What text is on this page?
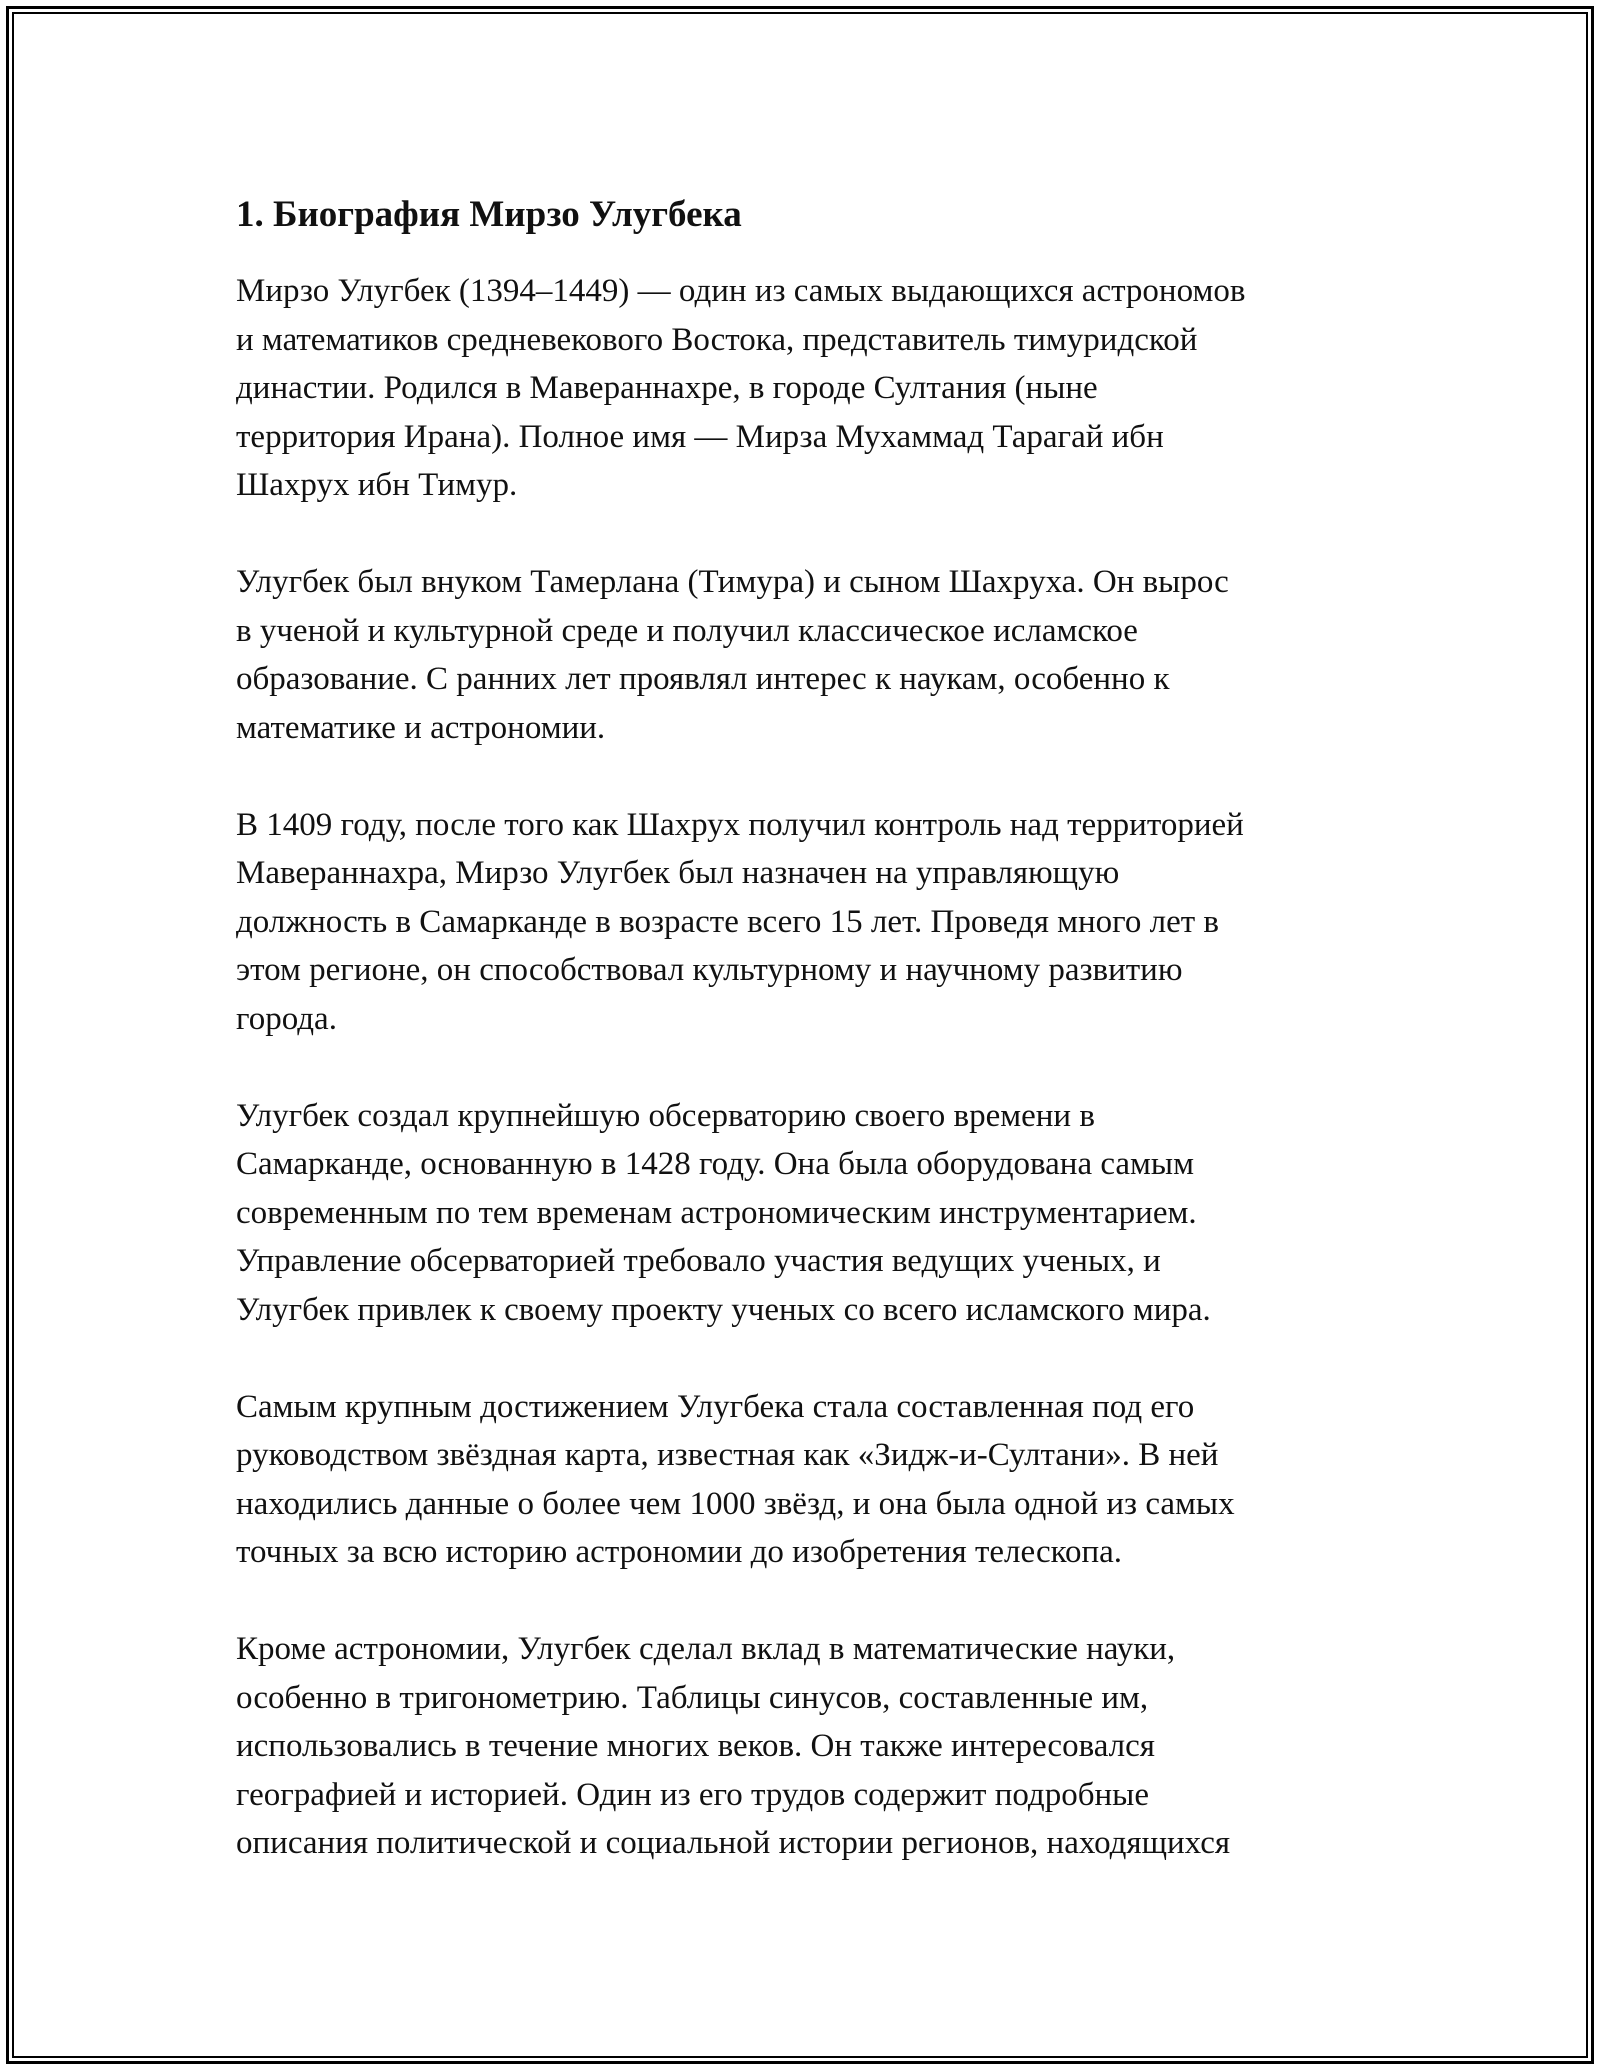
1. Биография Мирзо Улугбека

Мирзо Улугбек (1394–1449) — один из самых выдающихся астрономов
и математиков средневекового Востока, представитель тимуридской
династии. Родился в Мавераннахре, в городе Султания (ныне
территория Ирана). Полное имя — Мирза Мухаммад Тарагай ибн
Шахрух ибн Тимур.

Улугбек был внуком Тамерлана (Тимура) и сыном Шахруха. Он вырос
в ученой и культурной среде и получил классическое исламское
образование. С ранних лет проявлял интерес к наукам, особенно к
математике и астрономии.

В 1409 году, после того как Шахрух получил контроль над территорией
Мавераннахра, Мирзо Улугбек был назначен на управляющую
должность в Самарканде в возрасте всего 15 лет. Проведя много лет в
этом регионе, он способствовал культурному и научному развитию
города.

Улугбек создал крупнейшую обсерваторию своего времени в
Самарканде, основанную в 1428 году. Она была оборудована самым
современным по тем временам астрономическим инструментарием.
Управление обсерваторией требовало участия ведущих ученых, и
Улугбек привлек к своему проекту ученых со всего исламского мира.

Самым крупным достижением Улугбека стала составленная под его
руководством звёздная карта, известная как «Зидж-и-Султани». В ней
находились данные о более чем 1000 звёзд, и она была одной из самых
точных за всю историю астрономии до изобретения телескопа.

Кроме астрономии, Улугбек сделал вклад в математические науки,
особенно в тригонометрию. Таблицы синусов, составленные им,
использовались в течение многих веков. Он также интересовался
географией и историей. Один из его трудов содержит подробные
описания политической и социальной истории регионов, находящихся
